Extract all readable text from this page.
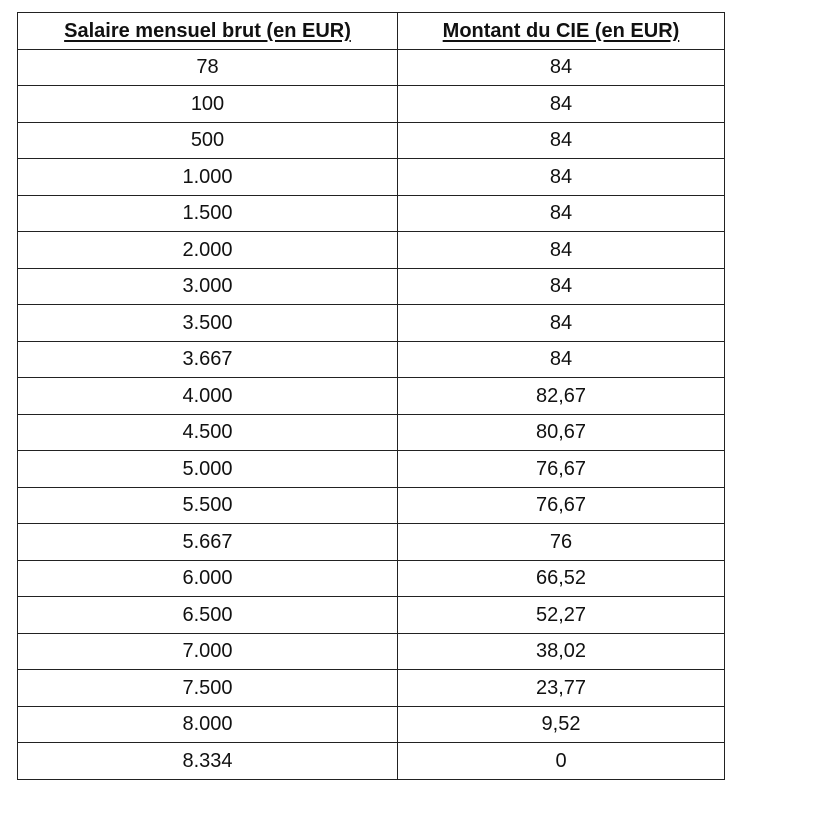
Salaire mensuel brut (en EUR)	Montant du CIE (en EUR)
78	84
100	84
500	84
1.000	84
1.500	84
2.000	84
3.000	84
3.500	84
3.667	84
4.000	82,67
4.500	80,67
5.000	76,67
5.500	76,67
5.667	76
6.000	66,52
6.500	52,27
7.000	38,02
7.500	23,77
8.000	9,52
8.334	0
